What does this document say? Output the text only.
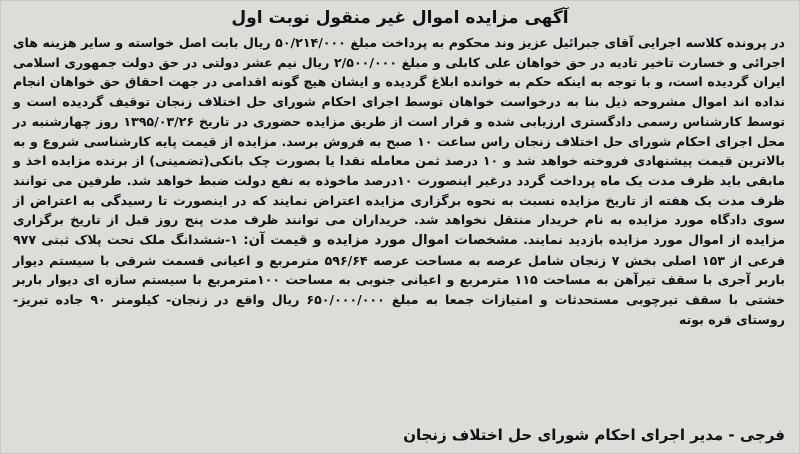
آگهی مزایده اموال غیر منقول نوبت اول
در پرونده کلاسه اجرایی آقای جبرائیل عزیز وند محکوم به پرداخت مبلغ ۵۰/۲۱۴/۰۰۰ ریال بابت اصل خواسته و سایر هزینه های اجرائی و خسارت تاخیر تادیه در حق خواهان علی کابلی و مبلغ ۲/۵۰۰/۰۰۰ ریال نیم عشر دولتی در حق دولت جمهوری اسلامی ایران گردیده است، و با توجه به اینکه حکم به خوانده ابلاغ گردیده و ایشان هیچ گونه اقدامی در جهت احقاق حق خواهان انجام نداده اند اموال مشروحه ذیل بنا به درخواست خواهان توسط اجرای احکام شورای حل اختلاف زنجان توقیف گردیده است و توسط کارشناس رسمی دادگستری ارزیابی شده و قرار است از طریق مزایده حضوری در تاریخ ۱۳۹۵/۰۳/۲۶ روز چهارشنبه در محل اجرای احکام شورای حل اختلاف زنجان راس ساعت ۱۰ صبح به فروش برسد. مزایده از قیمت پایه کارشناسی شروع و به بالاترین قیمت پیشنهادی فروخته خواهد شد و ۱۰ درصد ثمن معامله نقدا یا بصورت چک بانکی(تضمینی) از برنده مزایده اخذ و مابقی باید ظرف مدت یک ماه پرداخت گردد درغیر اینصورت ۱۰درصد ماخوذه به نفع دولت ضبط خواهد شد. طرفین می توانند ظرف مدت یک هفته از تاریخ مزایده نسبت به نحوه برگزاری مزایده اعتراض نمایند که در اینصورت تا رسیدگی به اعتراض از سوی دادگاه مورد مزایده به نام خریدار منتقل نخواهد شد. خریداران می توانند ظرف مدت پنج روز قبل از تاریخ برگزاری مزایده از اموال مورد مزایده بازدید نمایند. مشخصات اموال مورد مزایده و قیمت آن: ۱-ششدانگ ملک تحت پلاک ثبتی ۹۷۷ فرعی از ۱۵۳ اصلی بخش ۷ زنجان شامل عرصه به مساحت عرصه ۵۹۶/۶۴ مترمربع و اعیانی قسمت شرقی با سیستم دیوار باربر آجری با سقف تیرآهن به مساحت ۱۱۵ مترمربع و اعیانی جنوبی به مساحت ۱۰۰مترمربع با سیستم سازه ای دیوار باربر خشتی با سقف تیرچوبی مستحدثات و امتیازات جمعا به مبلغ ۶۵۰/۰۰۰/۰۰۰ ریال واقع در زنجان- کیلومتر ۹۰ جاده تبریز- روستای قره بوته
فرجی - مدیر اجرای احکام شورای حل اختلاف زنجان
